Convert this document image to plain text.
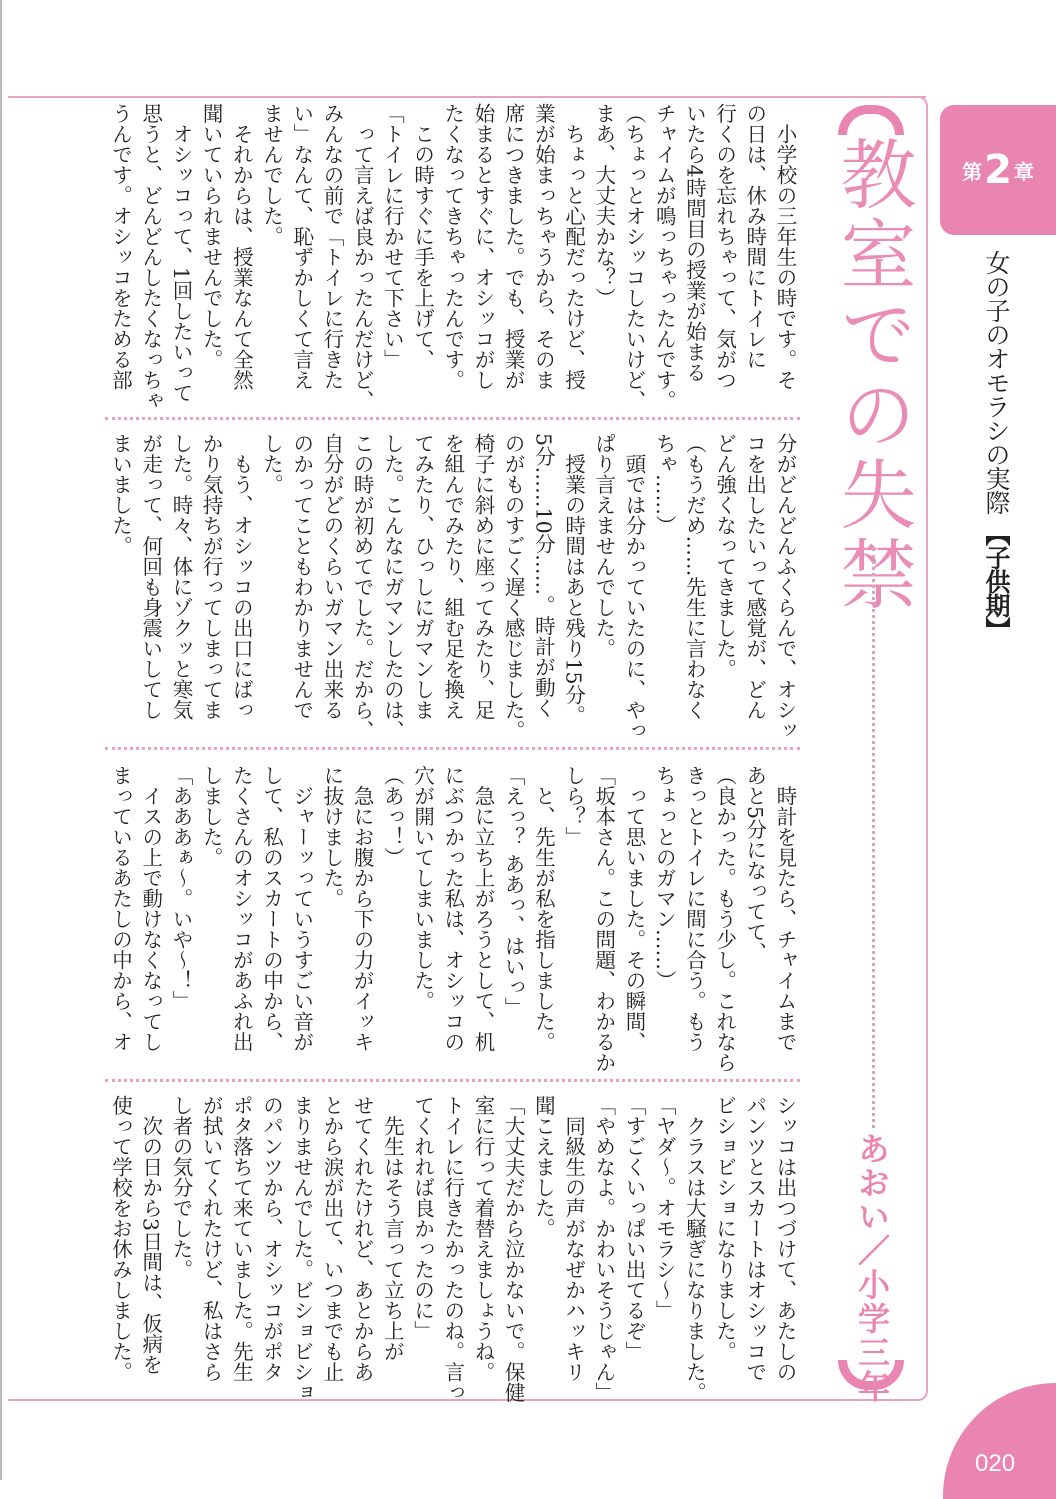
　小学校の三年生の時です。そ
の日は、休み時間にトイレに
行くのを忘れちゃって、気がつ
いたら4時間目の授業が始まる
チャイムが鳴っちゃったんです。
（ちょっとオシッコしたいけど、
まあ、大丈夫かな？）
　ちょっと心配だったけど、授
業が始まっちゃうから、そのま
席につきました。でも、授業が
始まるとすぐに、オシッコがし
たくなってきちゃったんです。
　この時すぐに手を上げて、
「トイレに行かせて下さい」
　って言えば良かったんだけど、
みんなの前で「トイレに行きた
い」なんて、恥ずかしくて言え
ませんでした。
　それからは、授業なんて全然
聞いていられませんでした。
　オシッコって、1回したいって
思うと、どんどんしたくなっちゃ
うんです。オシッコをためる部
分がどんどんふくらんで、オシッ
コを出したいって感覚が、どん
どん強くなってきました。
（もうだめ……先生に言わなく
ちゃ……）
　頭では分かっていたのに、やっ
ぱり言えませんでした。
　授業の時間はあと残り15分。
5分……10分……。時計が動く
のがものすごく遅く感じました。
椅子に斜めに座ってみたり、足
を組んでみたり、組む足を換え
てみたり、ひっしにガマンしま
した。こんなにガマンしたのは、
この時が初めてでした。だから、
自分がどのくらいガマン出来る
のかってこともわかりませんで
した。
　もう、オシッコの出口にばっ
かり気持ちが行ってしまってま
した。時々、体にゾクッと寒気
が走って、何回も身震いしてし
まいました。
　時計を見たら、チャイムまで
あと5分になってて、
（良かった。もう少し。これなら
きっとトイレに間に合う。もう
ちょっとのガマン……）
　って思いました。その瞬間、
「坂本さん。この問題、わかるか
しら？」
　と、先生が私を指しました。
「えっ？ ああっ、はいっ」
　急に立ち上がろうとして、机
にぶつかった私は、オシッコの
穴が開いてしまいました。
（あっ！）
　急にお腹から下の力がイッキ
に抜けました。
　ジャーッっていうすごい音が
して、私のスカートの中から、
たくさんのオシッコがあふれ出
しました。
「あああぁ〜。いや〜！」
　イスの上で動けなくなってし
まっているあたしの中から、オ
シッコは出つづけて、あたしの
パンツとスカートはオシッコで
ビショビショになりました。
　クラスは大騒ぎになりました。
「ヤダ〜。オモラシ〜」
「すごくいっぱい出てるぞ」
「やめなよ。かわいそうじゃん」
　同級生の声がなぜかハッキリ
聞こえました。
「大丈夫だから泣かないで。保健
室に行って着替えましょうね。
トイレに行きたかったのね。言っ
てくれれば良かったのに」
　先生はそう言って立ち上が
せてくれたけれど、あとからあ
とから涙が出て、いつまでも止
まりませんでした。ビショビショ
のパンツから、オシッコがポタ
ポタ落ちて来ていました。先生
が拭いてくれたけど、私はさら
し者の気分でした。
　次の日から3日間は、仮病を
使って学校をお休みしました。
教室での失禁
あおい／小学三年
第 2 章
女の子のオモラシの実際 【子供期】
020
